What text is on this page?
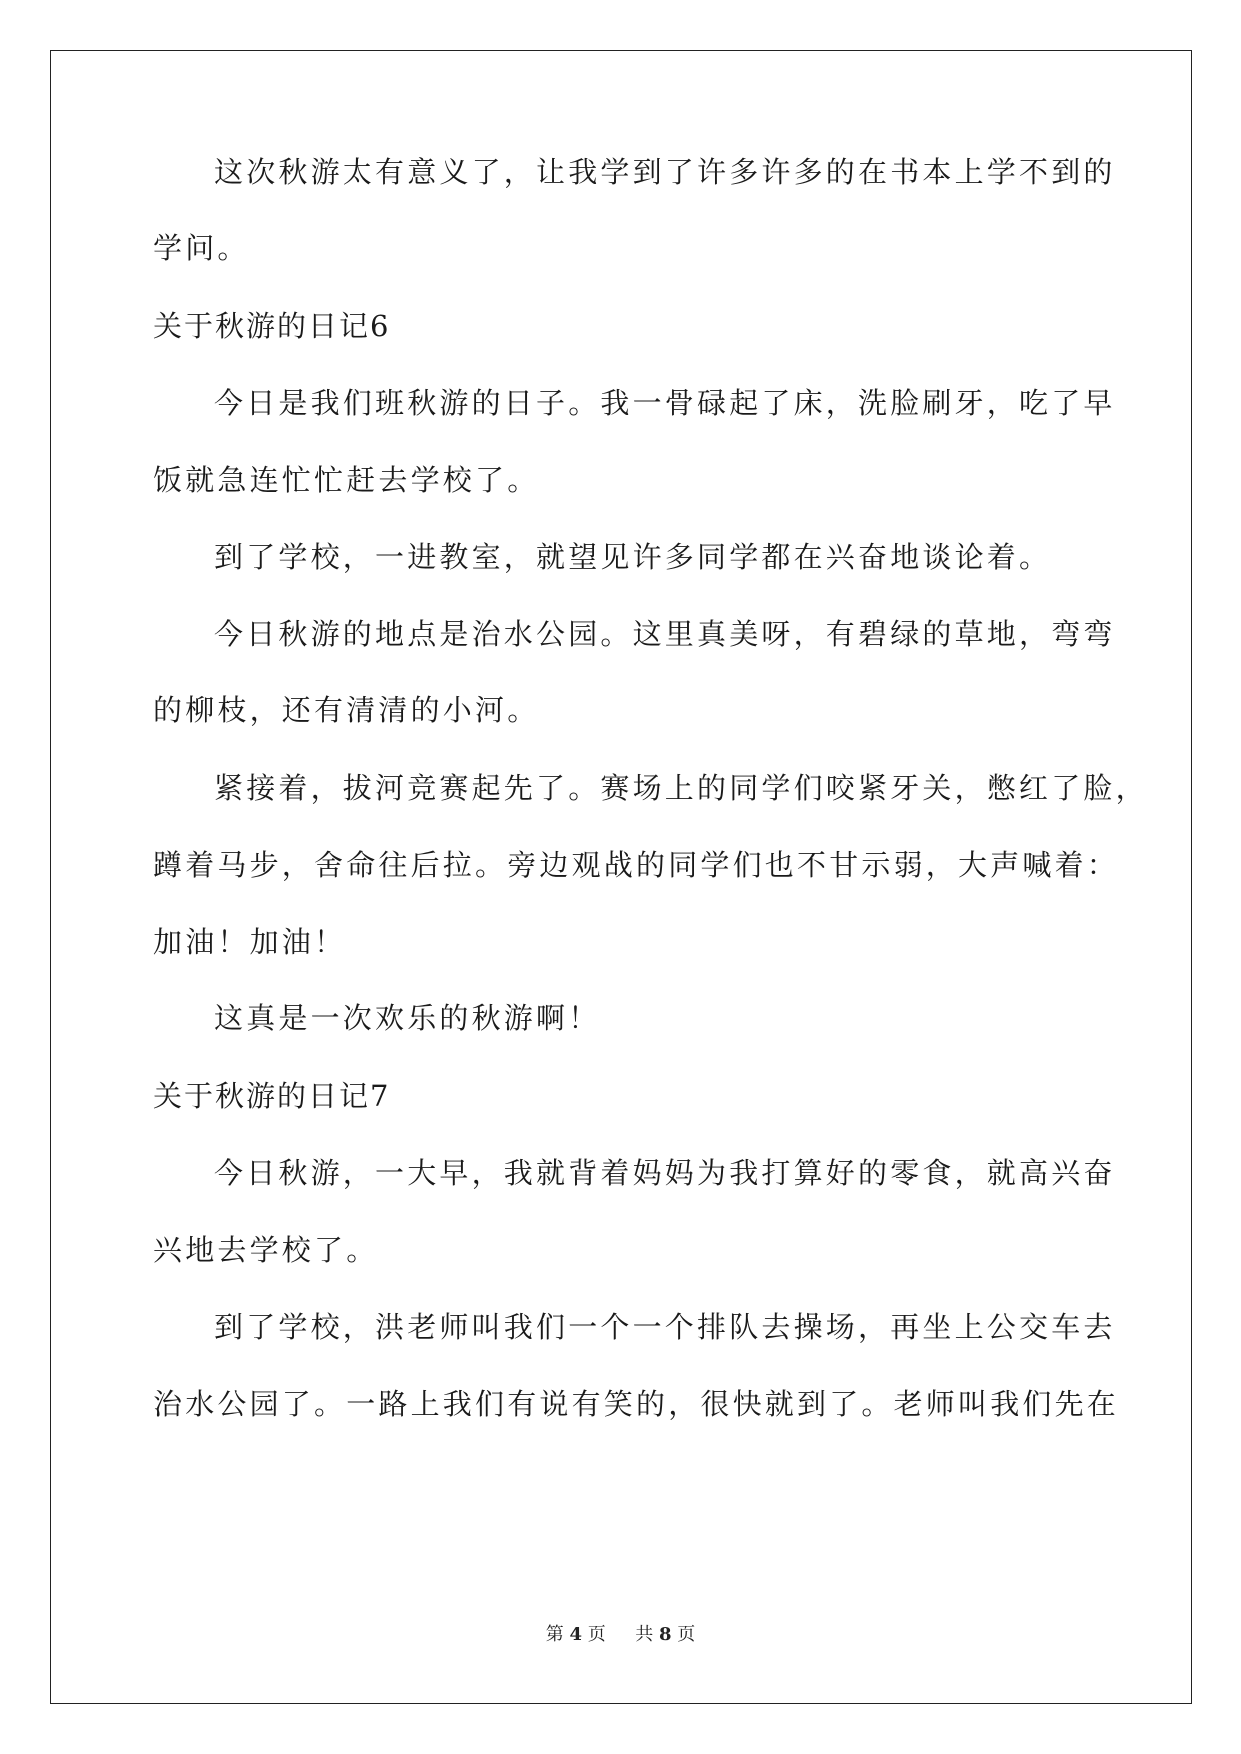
这次秋游太有意义了，让我学到了许多许多的在书本上学不到的
学问。
关于秋游的日记6
今日是我们班秋游的日子。我一骨碌起了床，洗脸刷牙，吃了早
饭就急连忙忙赶去学校了。
到了学校，一进教室，就望见许多同学都在兴奋地谈论着。
今日秋游的地点是治水公园。这里真美呀，有碧绿的草地，弯弯
的柳枝，还有清清的小河。
紧接着，拔河竞赛起先了。赛场上的同学们咬紧牙关，憋红了脸，
蹲着马步，舍命往后拉。旁边观战的同学们也不甘示弱，大声喊着：
加油！加油！
这真是一次欢乐的秋游啊！
关于秋游的日记7
今日秋游，一大早，我就背着妈妈为我打算好的零食，就高兴奋
兴地去学校了。
到了学校，洪老师叫我们一个一个排队去操场，再坐上公交车去
治水公园了。一路上我们有说有笑的，很快就到了。老师叫我们先在
第 4 页 共 8 页
